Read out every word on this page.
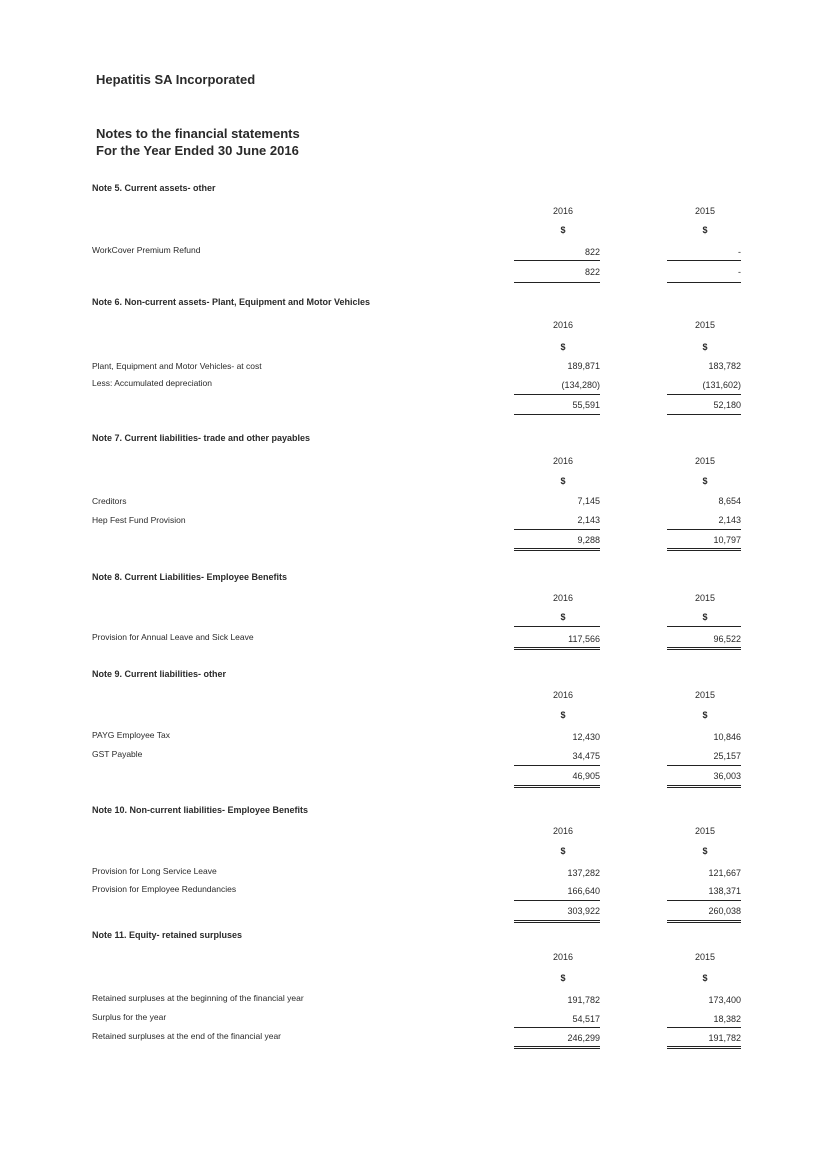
Hepatitis SA Incorporated
Notes to the financial statements
For the Year Ended 30 June 2016
Note 5. Current assets- other
2016	2015
$	$
WorkCover Premium Refund	822	-
822	-
Note 6. Non-current assets- Plant, Equipment and Motor Vehicles
2016	2015
$	$
Plant, Equipment and Motor Vehicles- at cost	189,871	183,782
Less: Accumulated depreciation	(134,280)	(131,602)
55,591	52,180
Note 7. Current liabilities- trade and other payables
2016	2015
$	$
Creditors	7,145	8,654
Hep Fest Fund Provision	2,143	2,143
9,288	10,797
Note 8. Current Liabilities- Employee Benefits
2016	2015
$	$
Provision for Annual Leave and Sick Leave	117,566	96,522
Note 9. Current liabilities- other
2016	2015
$	$
PAYG Employee Tax	12,430	10,846
GST Payable	34,475	25,157
46,905	36,003
Note 10. Non-current liabilities- Employee Benefits
2016	2015
$	$
Provision for Long Service Leave	137,282	121,667
Provision for Employee Redundancies	166,640	138,371
303,922	260,038
Note 11. Equity- retained surpluses
2016	2015
$	$
Retained surpluses at the beginning of the financial year	191,782	173,400
Surplus for the year	54,517	18,382
Retained surpluses at the end of the financial year	246,299	191,782
